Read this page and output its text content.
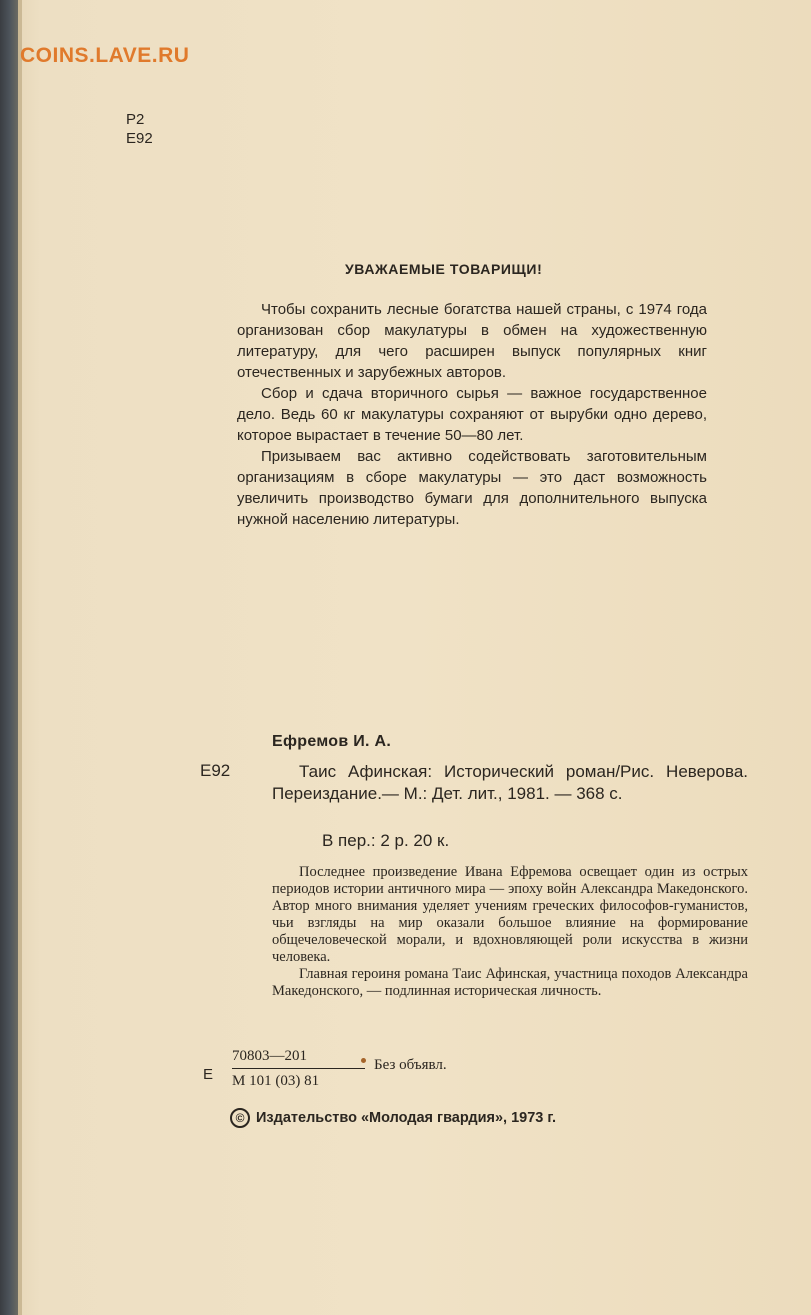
COINS.LAVE.RU
Р2
Е92
УВАЖАЕМЫЕ ТОВАРИЩИ!

Чтобы сохранить лесные богатства нашей страны, с 1974 года организован сбор макулатуры в обмен на художественную литературу, для чего расширен выпуск популярных книг отечественных и зарубежных авторов.

Сбор и сдача вторичного сырья — важное государственное дело. Ведь 60 кг макулатуры сохраняют от вырубки одно дерево, которое вырастает в течение 50—80 лет.

Призываем вас активно содействовать заготовительным организациям в сборе макулатуры — это даст возможность увеличить производство бумаги для дополнительного выпуска нужной населению литературы.

Ефремов И. А.
Е92	Таис Афинская: Исторический роман/Рис. Неверова. Переиздание.— М.: Дет. лит., 1981. — 368 с.
В пер.: 2 р. 20 к.

Последнее произведение Ивана Ефремова освещает один из острых периодов истории античного мира — эпоху войн Александра Македонского. Автор много внимания уделяет учениям греческих философов-гуманистов, чьи взгляды на мир оказали большое влияние на формирование общечеловеческой морали, и вдохновляющей роли искусства в жизни человека.

Главная героиня романа Таис Афинская, участница походов Александра Македонского, — подлинная историческая личность.

Е
70803—201
М 101 (03) 81
Без объявл.
© Издательство «Молодая гвардия», 1973 г.
